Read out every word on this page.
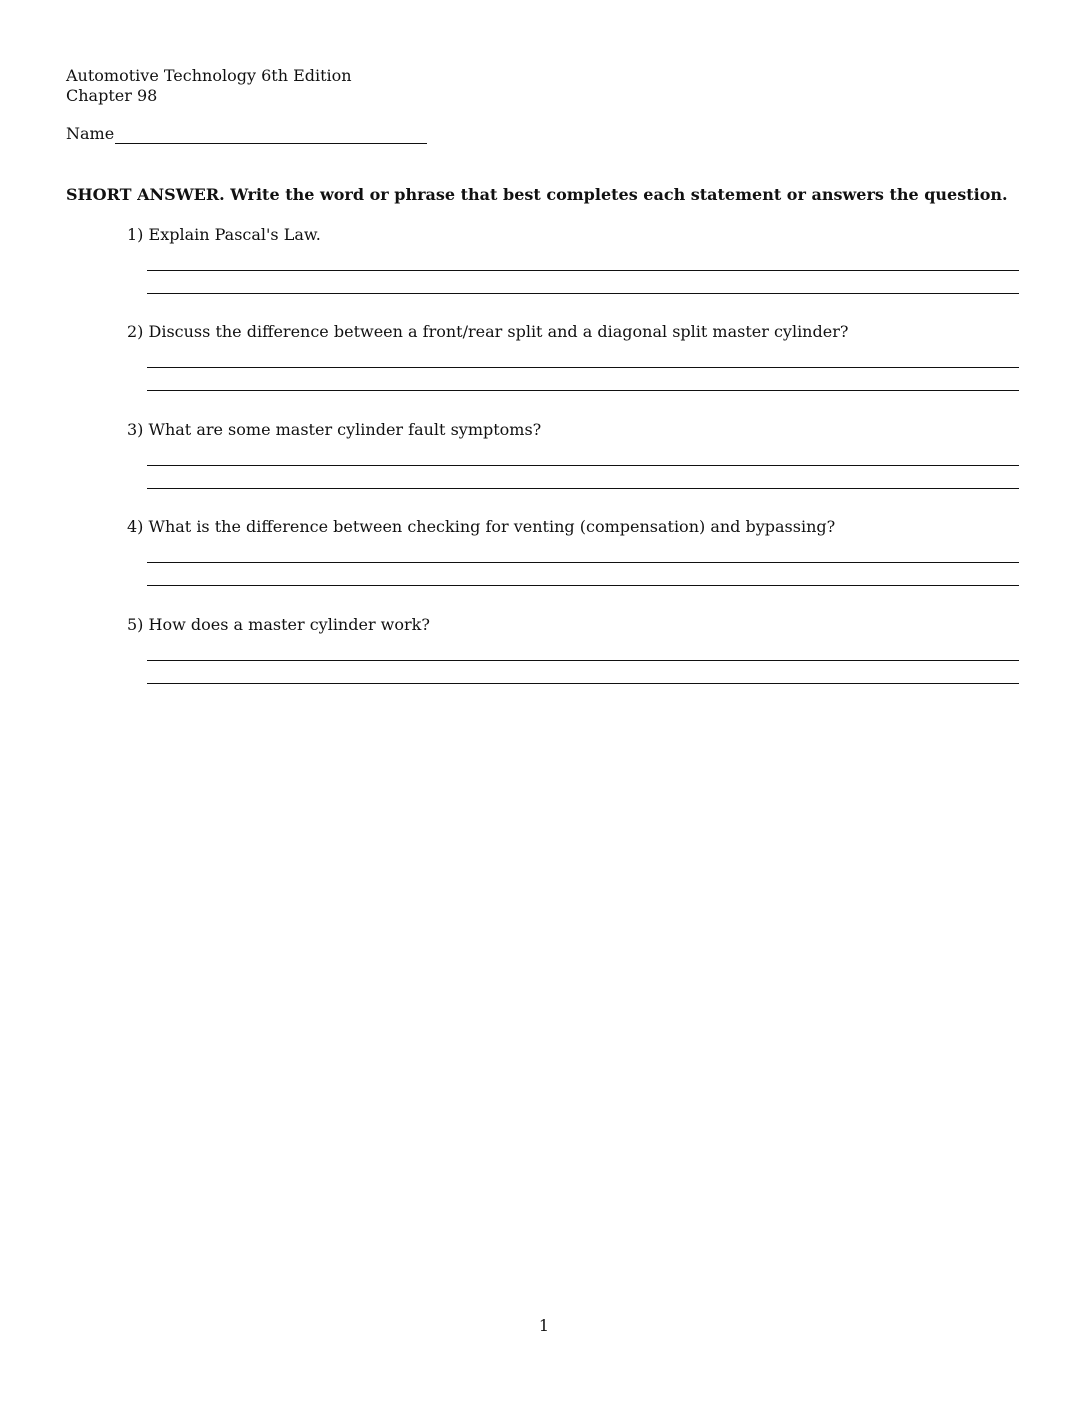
Automotive Technology 6th Edition
Chapter 98
Name
SHORT ANSWER. Write the word or phrase that best completes each statement or answers the question.
1) Explain Pascal's Law.
2) Discuss the difference between a front/rear split and a diagonal split master cylinder?
3) What are some master cylinder fault symptoms?
4) What is the difference between checking for venting (compensation) and bypassing?
5) How does a master cylinder work?
1
